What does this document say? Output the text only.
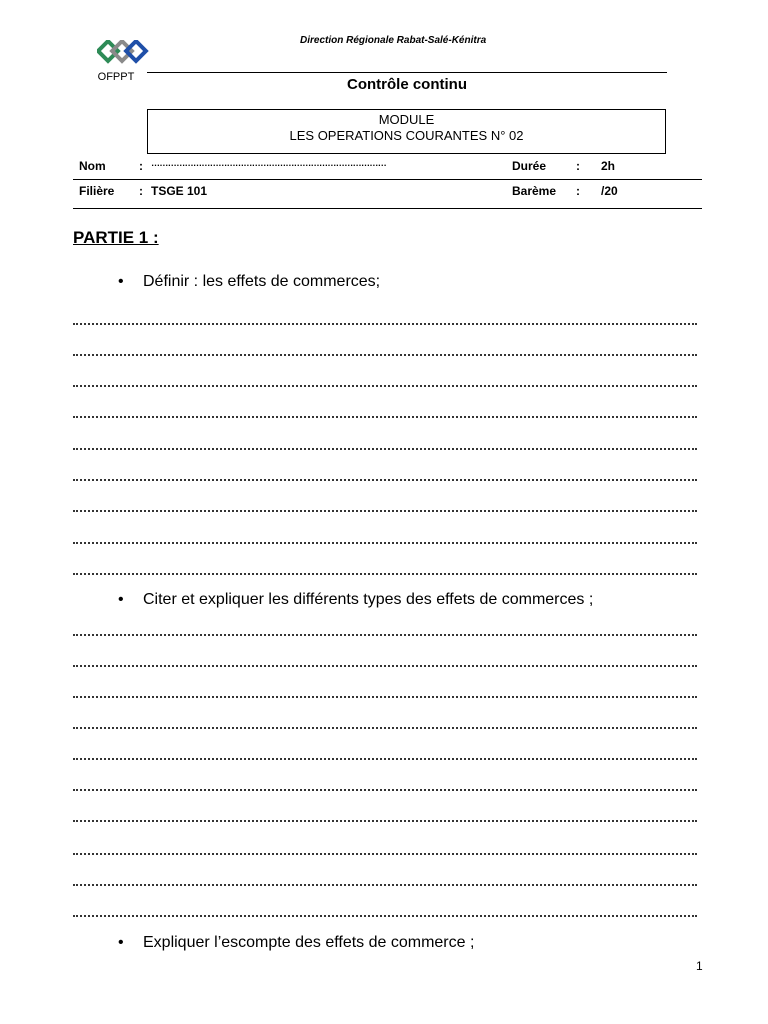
OFPPT
Direction Régionale Rabat-Salé-Kénitra
Contrôle continu
MODULE
LES OPERATIONS COURANTES N° 02
Nom	: …………………………………………………………………………	Durée : 2h
Filière : TSGE 101	Barème : /20
PARTIE 1 :
• Définir : les effets de commerces;
• Citer et expliquer les différents types des effets de commerces ;
• Expliquer l’escompte des effets de commerce ;
1
